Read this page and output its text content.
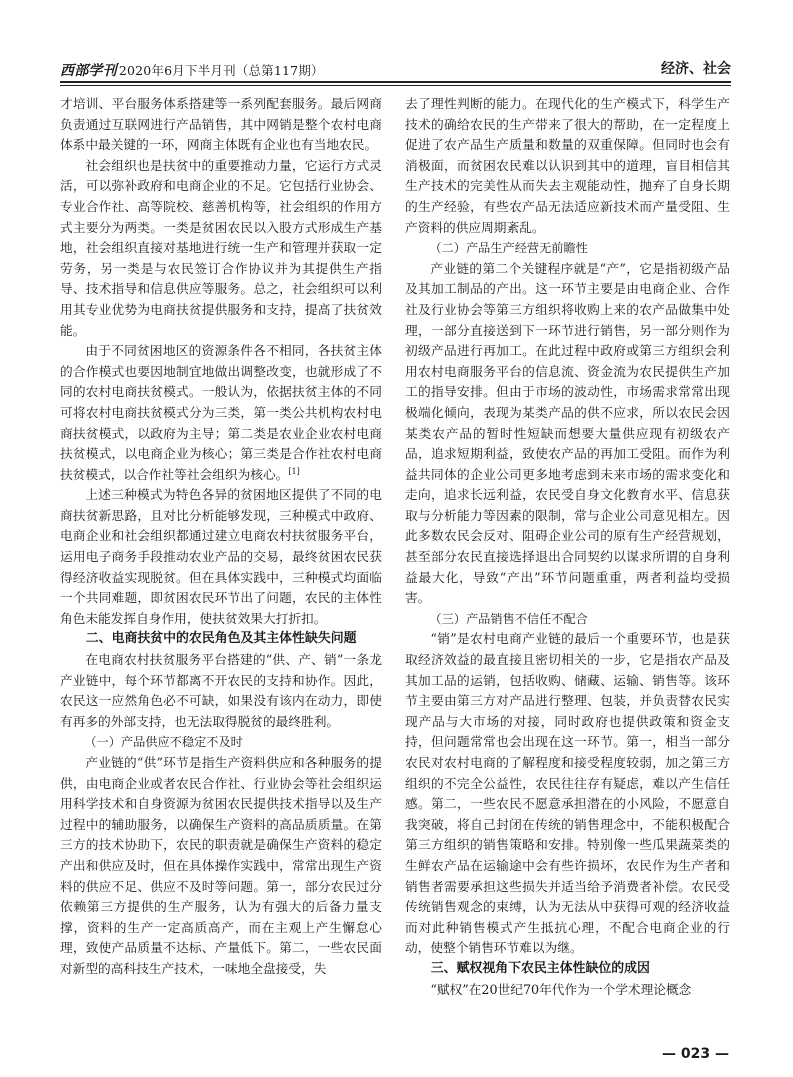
西部学刊 2020年6月下半月刊（总第117期）	经济、社会

才培训、平台服务体系搭建等一系列配套服务。最后网商负责通过互联网进行产品销售，其中网销是整个农村电商体系中最关键的一环，网商主体既有企业也有当地农民。

社会组织也是扶贫中的重要推动力量，它运行方式灵活，可以弥补政府和电商企业的不足。它包括行业协会、专业合作社、高等院校、慈善机构等，社会组织的作用方式主要分为两类。一类是贫困农民以入股方式形成生产基地，社会组织直接对基地进行统一生产和管理并获取一定劳务，另一类是与农民签订合作协议并为其提供生产指导、技术指导和信息供应等服务。总之，社会组织可以利用其专业优势为电商扶贫提供服务和支持，提高了扶贫效能。

由于不同贫困地区的资源条件各不相同，各扶贫主体的合作模式也要因地制宜地做出调整改变，也就形成了不同的农村电商扶贫模式。一般认为，依据扶贫主体的不同可将农村电商扶贫模式分为三类，第一类公共机构农村电商扶贫模式，以政府为主导；第二类是农业企业农村电商扶贫模式，以电商企业为核心；第三类是合作社农村电商扶贫模式，以合作社等社会组织为核心。[1]

上述三种模式为特色各异的贫困地区提供了不同的电商扶贫新思路，且对比分析能够发现，三种模式中政府、电商企业和社会组织都通过建立电商农村扶贫服务平台，运用电子商务手段推动农业产品的交易，最终贫困农民获得经济收益实现脱贫。但在具体实践中，三种模式均面临一个共同难题，即贫困农民环节出了问题，农民的主体性角色未能发挥自身作用，使扶贫效果大打折扣。

二、电商扶贫中的农民角色及其主体性缺失问题

在电商农村扶贫服务平台搭建的“供、产、销”一条龙产业链中，每个环节都离不开农民的支持和协作。因此，农民这一应然角色必不可缺，如果没有该内在动力，即使有再多的外部支持，也无法取得脱贫的最终胜利。

（一）产品供应不稳定不及时

产业链的“供”环节是指生产资料供应和各种服务的提供，由电商企业或者农民合作社、行业协会等社会组织运用科学技术和自身资源为贫困农民提供技术指导以及生产过程中的辅助服务，以确保生产资料的高品质质量。在第三方的技术协助下，农民的职责就是确保生产资料的稳定产出和供应及时，但在具体操作实践中，常常出现生产资料的供应不足、供应不及时等问题。第一，部分农民过分依赖第三方提供的生产服务，认为有强大的后备力量支撑，资料的生产一定高质高产，而在主观上产生懈怠心理，致使产品质量不达标、产量低下。第二，一些农民面对新型的高科技生产技术，一味地全盘接受，失

去了理性判断的能力。在现代化的生产模式下，科学生产技术的确给农民的生产带来了很大的帮助，在一定程度上促进了农产品生产质量和数量的双重保障。但同时也会有消极面，而贫困农民难以认识到其中的道理，盲目相信其生产技术的完美性从而失去主观能动性，抛弃了自身长期的生产经验，有些农产品无法适应新技术而产量受阻、生产资料的供应周期紊乱。

（二）产品生产经营无前瞻性

产业链的第二个关键程序就是“产”，它是指初级产品及其加工制品的产出。这一环节主要是由电商企业、合作社及行业协会等第三方组织将收购上来的农产品做集中处理，一部分直接送到下一环节进行销售，另一部分则作为初级产品进行再加工。在此过程中政府或第三方组织会利用农村电商服务平台的信息流、资金流为农民提供生产加工的指导安排。但由于市场的波动性，市场需求常常出现极端化倾向，表现为某类产品的供不应求，所以农民会因某类农产品的暂时性短缺而想要大量供应现有初级农产品，追求短期利益，致使农产品的再加工受阻。而作为利益共同体的企业公司更多地考虑到未来市场的需求变化和走向，追求长远利益，农民受自身文化教育水平、信息获取与分析能力等因素的限制，常与企业公司意见相左。因此多数农民会反对、阻碍企业公司的原有生产经营规划，甚至部分农民直接选择退出合同契约以谋求所谓的自身利益最大化，导致“产出”环节问题重重，两者利益均受损害。

（三）产品销售不信任不配合

“销”是农村电商产业链的最后一个重要环节，也是获取经济效益的最直接且密切相关的一步，它是指农产品及其加工品的运销，包括收购、储藏、运输、销售等。该环节主要由第三方对产品进行整理、包装，并负责替农民实现产品与大市场的对接，同时政府也提供政策和资金支持，但问题常常也会出现在这一环节。第一，相当一部分农民对农村电商的了解程度和接受程度较弱，加之第三方组织的不完全公益性，农民往往存有疑虑，难以产生信任感。第二，一些农民不愿意承担潜在的小风险，不愿意自我突破，将自己封闭在传统的销售理念中，不能积极配合第三方组织的销售策略和安排。特别像一些瓜果蔬菜类的生鲜农产品在运输途中会有些许损坏，农民作为生产者和销售者需要承担这些损失并适当给予消费者补偿。农民受传统销售观念的束缚，认为无法从中获得可观的经济收益而对此种销售模式产生抵抗心理，不配合电商企业的行动，使整个销售环节难以为继。

三、赋权视角下农民主体性缺位的成因

“赋权”在20世纪70年代作为一个学术理论概念

— 023 —
